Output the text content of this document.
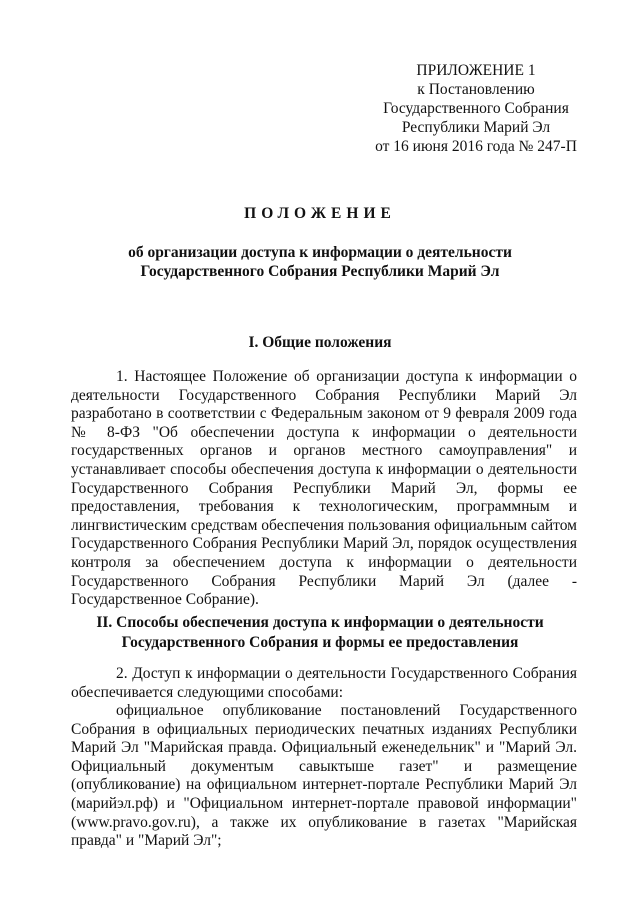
ПРИЛОЖЕНИЕ 1
к Постановлению
Государственного Собрания
Республики Марий Эл
от 16 июня 2016 года № 247-П
ПОЛОЖЕНИЕ
об организации доступа к информации о деятельности
Государственного Собрания Республики Марий Эл
I. Общие положения

1. Настоящее Положение об организации доступа к информации о деятельности Государственного Собрания Республики Марий Эл разработано в соответствии с Федеральным законом от 9 февраля 2009 года № 8-ФЗ "Об обеспечении доступа к информации о деятельности государственных органов и органов местного самоуправления" и устанавливает способы обеспечения доступа к информации о деятельности Государственного Собрания Республики Марий Эл, формы ее предоставления, требования к технологическим, программным и лингвистическим средствам обеспечения пользования официальным сайтом Государственного Собрания Республики Марий Эл, порядок осуществления контроля за обеспечением доступа к информации о деятельности Государственного Собрания Республики Марий Эл (далее - Государственное Собрание).

II. Способы обеспечения доступа к информации о деятельности
Государственного Собрания и формы ее предоставления

2. Доступ к информации о деятельности Государственного Собрания обеспечивается следующими способами:

официальное опубликование постановлений Государственного Собрания в официальных периодических печатных изданиях Республики Марий Эл "Марийская правда. Официальный еженедельник" и "Марий Эл. Официальный документым савыктыше газет" и размещение (опубликование) на официальном интернет-портале Республики Марий Эл (марийэл.рф) и "Официальном интернет-портале правовой информации" (www.pravo.gov.ru), а также их опубликование в газетах "Марийская правда" и "Марий Эл";
